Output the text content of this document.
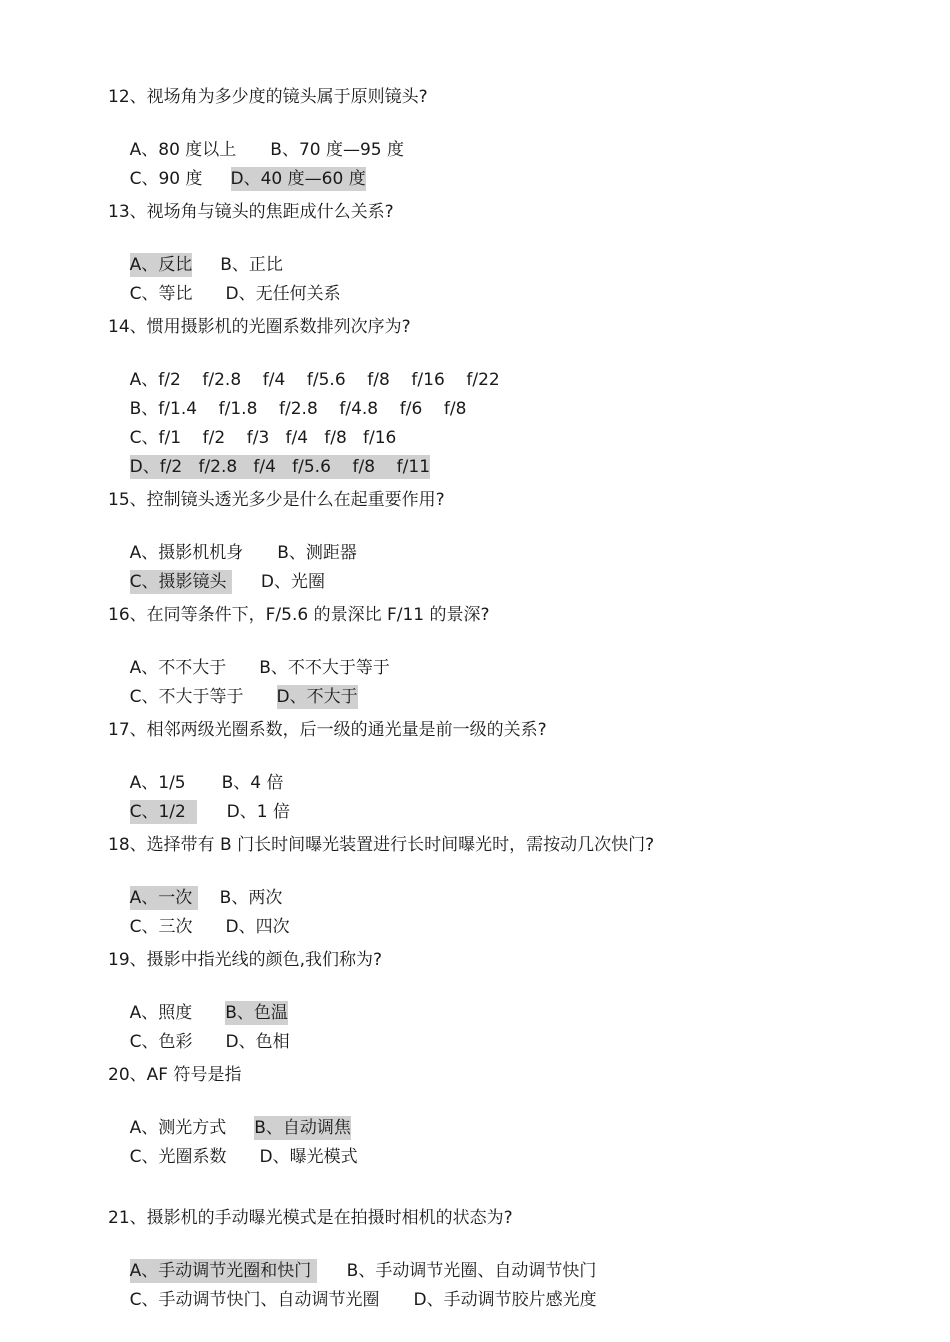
12、视场角为多少度的镜头属于原则镜头?

A、80 度以上 B、70 度—95 度

C、90 度 D、40 度—60 度

13、视场角与镜头的焦距成什么关系?

A、反比 B、正比

C、等比 D、无任何关系

14、惯用摄影机的光圈系数排列次序为?

A、f/2    f/2.8    f/4    f/5.6    f/8    f/16    f/22

B、f/1.4    f/1.8    f/2.8    f/4.8    f/6    f/8

C、f/1    f/2    f/3   f/4   f/8   f/16

D、f/2   f/2.8   f/4   f/5.6    f/8    f/11

15、控制镜头透光多少是什么在起重要作用?

A、摄影机机身 B、测距器

C、摄影镜头 D、光圈

16、在同等条件下，F/5.6 的景深比 F/11 的景深?

A、不不大于 B、不不大于等于

C、不大于等于 D、不大于

17、相邻两级光圈系数，后一级的通光量是前一级的关系?

A、1/5 B、4 倍

C、1/2  D、1 倍

18、选择带有 B 门长时间曝光装置进行长时间曝光时，需按动几次快门?

A、一次 B、两次

C、三次 D、四次

19、摄影中指光线的颜色,我们称为?

A、照度 B、色温

C、色彩 D、色相

20、AF 符号是指

A、测光方式 B、自动调焦

C、光圈系数 D、曝光模式

21、摄影机的手动曝光模式是在拍摄时相机的状态为?

A、手动调节光圈和快门 B、手动调节光圈、自动调节快门

C、手动调节快门、自动调节光圈 D、手动调节胶片感光度
